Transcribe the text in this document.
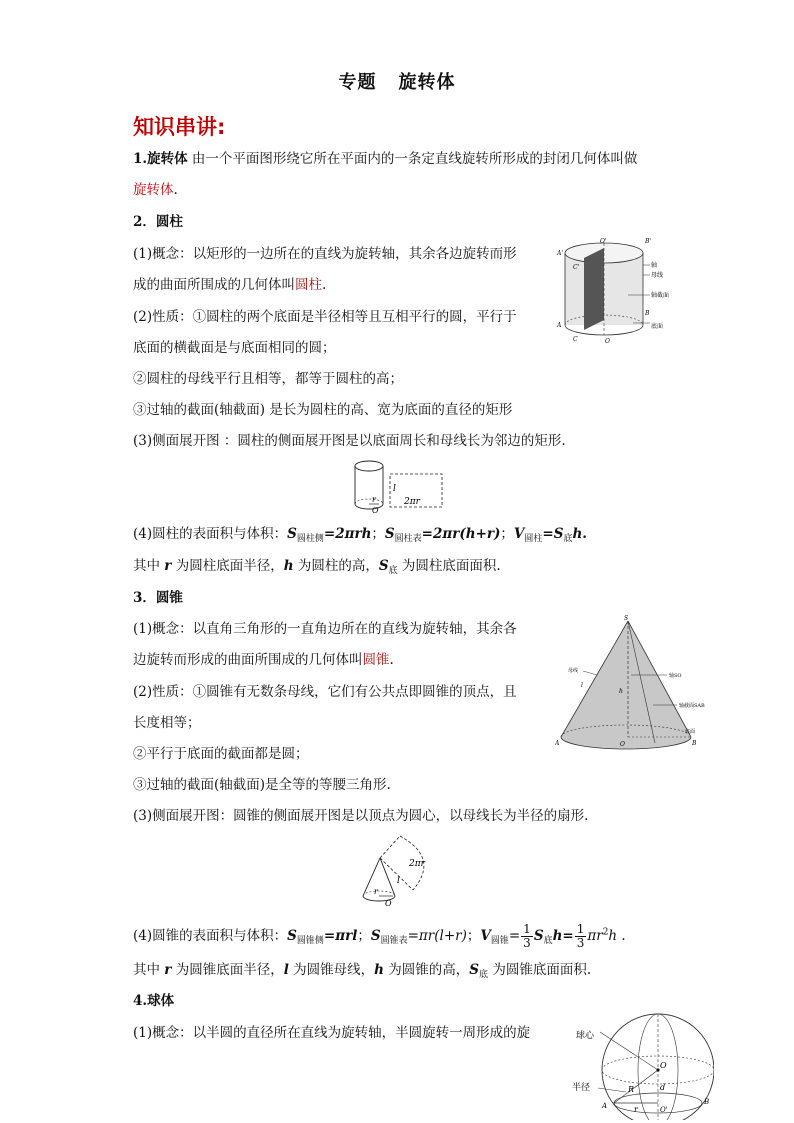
专题 旋转体
知识串讲:
1.旋转体 由一个平面图形绕它所在平面内的一条定直线旋转所形成的封闭几何体叫做
旋转体.
2．圆柱
(1)概念：以矩形的一边所在的直线为旋转轴，其余各边旋转而形
成的曲面所围成的几何体叫圆柱.
(2)性质：①圆柱的两个底面是半径相等且互相平行的圆，平行于
底面的横截面是与底面相同的圆；
②圆柱的母线平行且相等，都等于圆柱的高；
③过轴的截面(轴截面) 是长为圆柱的高、宽为底面的直径的矩形
(3)侧面展开图 ：圆柱的侧面展开图是以底面周长和母线长为邻边的矩形.
O'	B'
A'
C'
A
B
C	O
轴
母线
轴截面
底面
l
2πr
r
O
(4)圆柱的表面积与体积：$S_{圆柱侧}=2\pi rh$；$S_{圆柱表}=2\pi r(h+r)$；$V_{圆柱}=S_底h$.
其中 r 为圆柱底面半径，h 为圆柱的高，$S_底$ 为圆柱底面面积.
3．圆锥
(1)概念：以直角三角形的一直角边所在的直线为旋转轴，其余各
边旋转而形成的曲面所围成的几何体叫圆锥.
(2)性质：①圆锥有无数条母线，它们有公共点即圆锥的顶点，且
长度相等；
②平行于底面的截面都是圆；
③过轴的截面(轴截面)是全等的等腰三角形.
(3)侧面展开图：圆锥的侧面展开图是以顶点为圆心，以母线长为半径的扇形.
S
A	B
O
母线
l
h
轴SO
轴截面SAB
底面
2πr
l
r
O
(4)圆锥的表面积与体积：$S_{圆锥侧}=\pi rl$；$S_{圆锥表}=\pi r(l+r)$；$V_{圆锥}= \frac{1}{3} S_底h= \frac{1}{3} \pi r^2h$ .
其中 r 为圆锥底面半径，l 为圆锥母线，h 为圆锥的高，$S_底$ 为圆锥底面面积.
4.球体
(1)概念：以半圆的直径所在直线为旋转轴，半圆旋转一周形成的旋	球心
半径
O
R
r
d
A	B
O'
